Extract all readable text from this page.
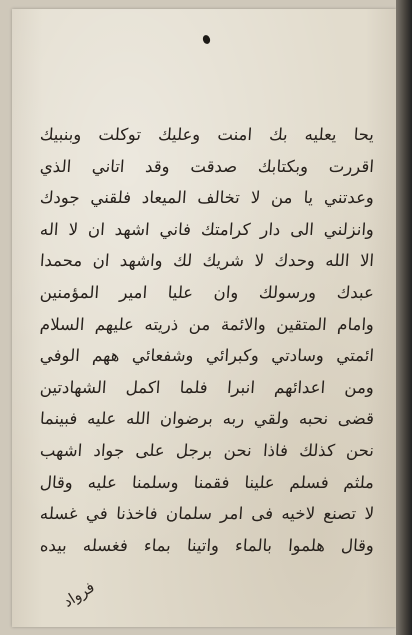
يحا يعليه بك امنت وعليك توكلت وبنبيك
اقررت وبكتابك صدقت وقد اتاني الذي
وعدتني يا من لا تخالف الميعاد فلقني جودك
وانزلني الى دار كرامتك فاني اشهد ان لا اله
الا الله وحدك لا شريك لك واشهد ان محمدا
عبدك ورسولك وان عليا امير المؤمنين
وامام المتقين والائمة من ذريته عليهم السلام
ائمتي وسادتي وكبرائي وشفعائي ههم الوفي
ومن اعدائهم انبرا فلما اكمل الشهادتين
قضى نحبه ولقي ربه برضوان الله عليه فبينما
نحن كذلك فاذا نحن برجل على جواد اشهب
ملثم فسلم علينا فقمنا وسلمنا عليه وقال
لا تصنع لاخيه فى امر سلمان فاخذنا في غسله
وقال هلموا بالماء واتينا بماء فغسله بيده
فرواد
